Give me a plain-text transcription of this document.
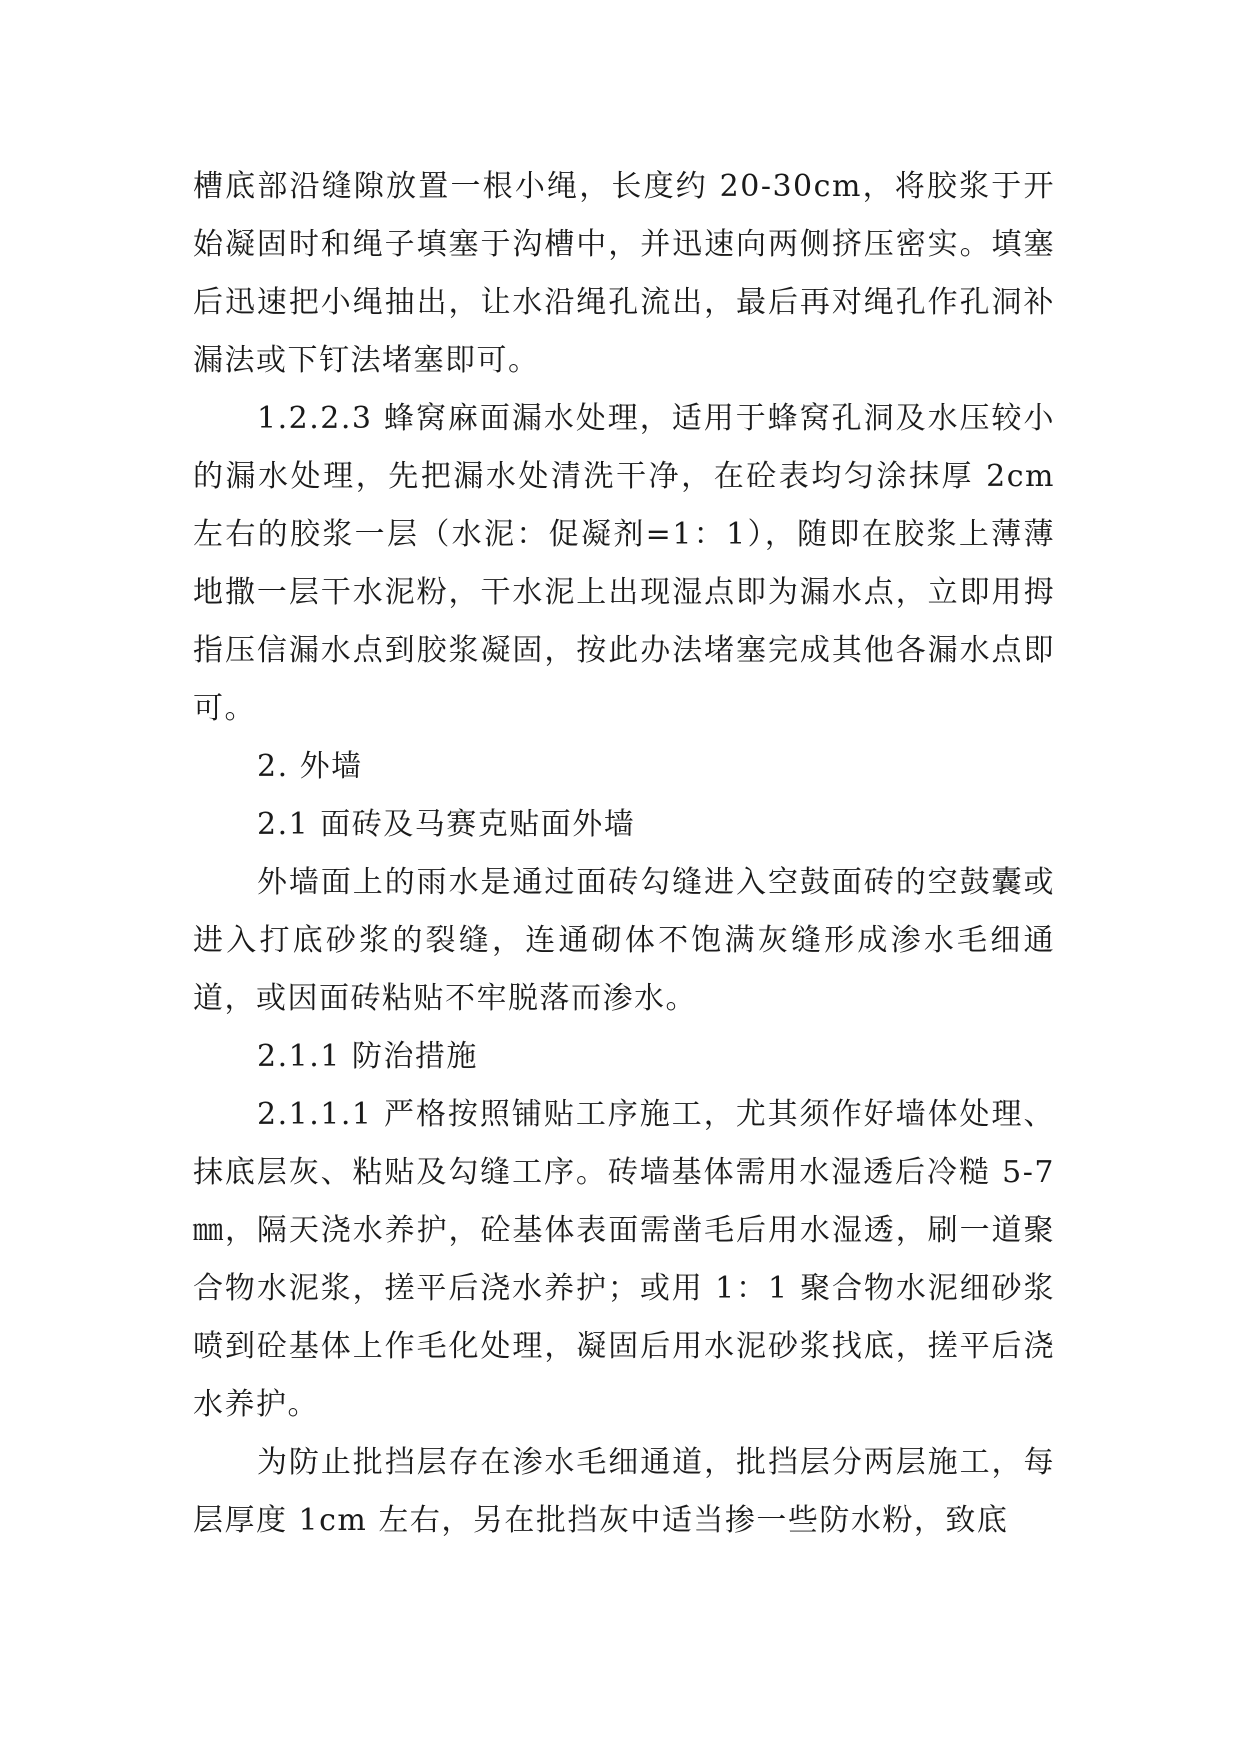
槽底部沿缝隙放置一根小绳，长度约 20-30cm，将胶浆于开始凝固时和绳子填塞于沟槽中，并迅速向两侧挤压密实。填塞后迅速把小绳抽出，让水沿绳孔流出，最后再对绳孔作孔洞补漏法或下钉法堵塞即可。

1.2.2.3 蜂窝麻面漏水处理，适用于蜂窝孔洞及水压较小的漏水处理，先把漏水处清洗干净，在砼表均匀涂抹厚 2cm 左右的胶浆一层（水泥：促凝剂=1：1），随即在胶浆上薄薄地撒一层干水泥粉，干水泥上出现湿点即为漏水点，立即用拇指压信漏水点到胶浆凝固，按此办法堵塞完成其他各漏水点即可。

2. 外墙

2.1 面砖及马赛克贴面外墙

外墙面上的雨水是通过面砖勾缝进入空鼓面砖的空鼓囊或进入打底砂浆的裂缝，连通砌体不饱满灰缝形成渗水毛细通道，或因面砖粘贴不牢脱落而渗水。

2.1.1 防治措施

2.1.1.1 严格按照铺贴工序施工，尤其须作好墙体处理、抹底层灰、粘贴及勾缝工序。砖墙基体需用水湿透后冷糙 5-7㎜，隔天浇水养护，砼基体表面需凿毛后用水湿透，刷一道聚合物水泥浆，搓平后浇水养护；或用 1：1 聚合物水泥细砂浆喷到砼基体上作毛化处理，凝固后用水泥砂浆找底，搓平后浇水养护。

为防止批挡层存在渗水毛细通道，批挡层分两层施工，每层厚度 1cm 左右，另在批挡灰中适当掺一些防水粉，致底
